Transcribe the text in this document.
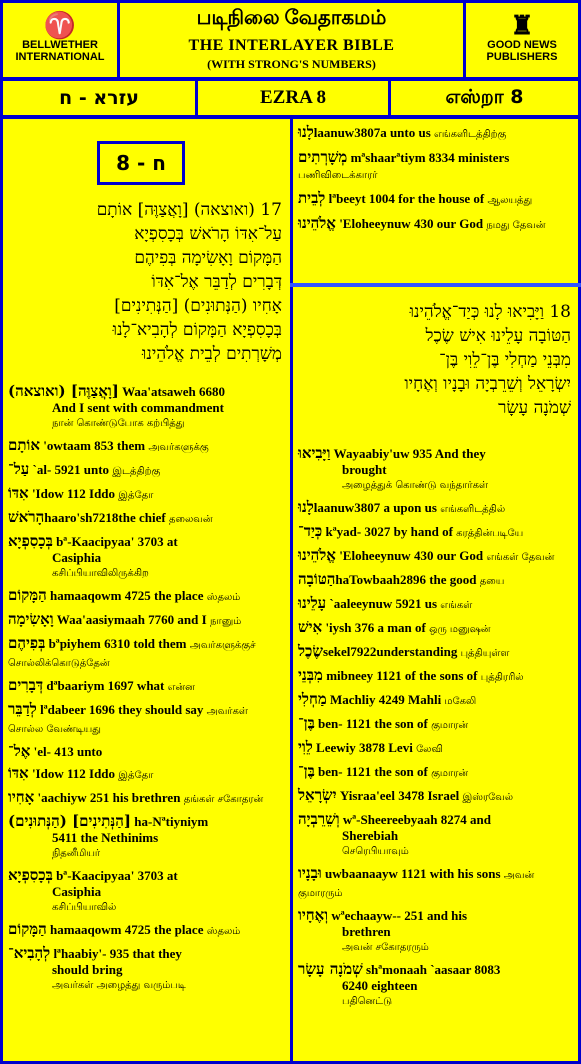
♈
BELLWETHER
INTERNATIONAL
படிநிலை வேதாகமம்
THE INTERLAYER BIBLE
(WITH STRONG'S NUMBERS)
♜
GOOD NEWS
PUBLISHERS
עזרא - ח	EZRA 8	எஸ்றா 8
ח - 8
17 (ואוצאה) [וָאֲצַוֶּה] אוֹתָם
עַל־אִדּוֹ הָרֹאשׁ בְּכָסִפְיָא
הַמָּקוֹם וָאָשִׂימָה בְּפִיהֶם
דְּבָרִים לְדַבֵּר אֶל־אִדּוֹ
אָחִיו (הַנְּתוּנִים) [הַנְּתִינִים]
בְּכָסִפְיָא הַמָּקוֹם לְהָבִיא־לָנוּ
מְשָׁרְתִים לְבֵית אֱלֹהֵינוּ
[וָאֲצַוֶּה] (ואוצאה) Waa'atsaweh 6680
And I sent with commandment
நான் கொண்டுபோக கற்பித்து
אוֹתָם 'owtaam 853 them அவர்களுக்கு
עַל־ `al- 5921 unto இடத்திற்கு
אִדּוֹ 'Idow 112 Iddo இத்தோ
הָרֹאשׁhaaro'sh7218the chief தலைவன்
בְּכָסִפְיָא bª-Kaacipyaa' 3703 at
Casiphia
கசிப்பியாவிலிருக்கிற
הַמָּקוֹם hamaaqowm 4725 the place ஸ்தலம்
וָאָשִׂימָה Waa'aasiymaah 7760 and I நானும்
בְּפִיהֶם bªpiyhem 6310 told them அவர்களுக்குச் சொல்லிக்கொடுத்தேன்
דְּבָרִים dªbaariym 1697 what என்ன
לְדַבֵּר lªdabeer 1696 they should say அவர்கள் சொல்ல வேண்டியது
אֶל־ 'el- 413 unto
אִדּוֹ 'Idow 112 Iddo இத்தோ
אָחִיו 'aachiyw 251 his brethren தங்கள் சகோதரன்
[הַנְּתִינִים] (הַנְּתוּנִים) ha-Nªtiyniym
5411 the Nethinims
நிதனீமியர்
בְּכָסִפְיָא bª-Kaacipyaa' 3703 at
Casiphia
கசிப்பியாவில்
הַמָּקוֹם hamaaqowm 4725 the place ஸ்தலம்
לְהָבִיא־ lªhaabiy'- 935 that they
should bring
அவர்கள் அழைத்து வரும்படி
לָנוּlaanuw3807a unto us எங்களிடத்திற்கு
מְשָׁרְתִים mªshaarªtiym 8334 ministers பணிவிடைக்காரர்
לְבֵית lªbeeyt 1004 for the house of ஆலயத்து
אֱלֹהֵינוּ 'Eloheeynuw 430 our God நமது தேவன்
18 וַיָּבִיאוּ לָנוּ כְּיַד־אֱלֹהֵינוּ
הַטּוֹבָה עָלֵינוּ אִישׁ שֶׂכֶל
מִבְּנֵי מַחְלִי בֶּן־לֵוִי בֶּן־
יִשְׂרָאֵל וְשֵׁרֵבְיָה וּבָנָיו וְאֶחָיו
שְׁמֹנָה עָשָׂר
וַיָּבִיאוּ Wayaabiy'uw 935 And they
brought
அழைத்துக் கொண்டு வந்தார்கள்
לָנוּlaanuw3807 a upon us எங்களிடத்தில்
כְּיַד־ kªyad- 3027 by hand of கரத்தின்படியே
אֱלֹהֵינוּ 'Eloheeynuw 430 our God எங்கள் தேவன்
הַטּוֹבָהhaTowbaah2896 the good தயை
עָלֵינוּ `aaleeynuw 5921 us எங்கள்
אִישׁ 'iysh 376 a man of ஒரு மனுஷன்
שֶׂכֶלsekel7922understanding புத்தியுள்ள
מִבְּנֵי mibneey 1121 of the sons of புத்திரரில்
מַחְלִי Machliy 4249 Mahli மகேலி
בֶּן־ ben- 1121 the son of குமாரன்
לֵוִי Leewiy 3878 Levi லேவி
בֶּן־ ben- 1121 the son of குமாரன்
יִשְׂרָאֵל Yisraa'eel 3478 Israel இஸ்ரவேல்
וְשֵׁרֵבְיָה wª-Sheereebyaah 8274 and
Sherebiah
செரெபியாவும்
וּבָנָיו uwbaanaayw 1121 with his sons அவன் குமாரரும்
וְאֶחָיו wªechaayw-- 251 and his
brethren
அவன் சகோதரரும்
שְׁמֹנָה עָשָׂר shªmonaah `aasaar 8083
6240 eighteen
பதினெட்டு
